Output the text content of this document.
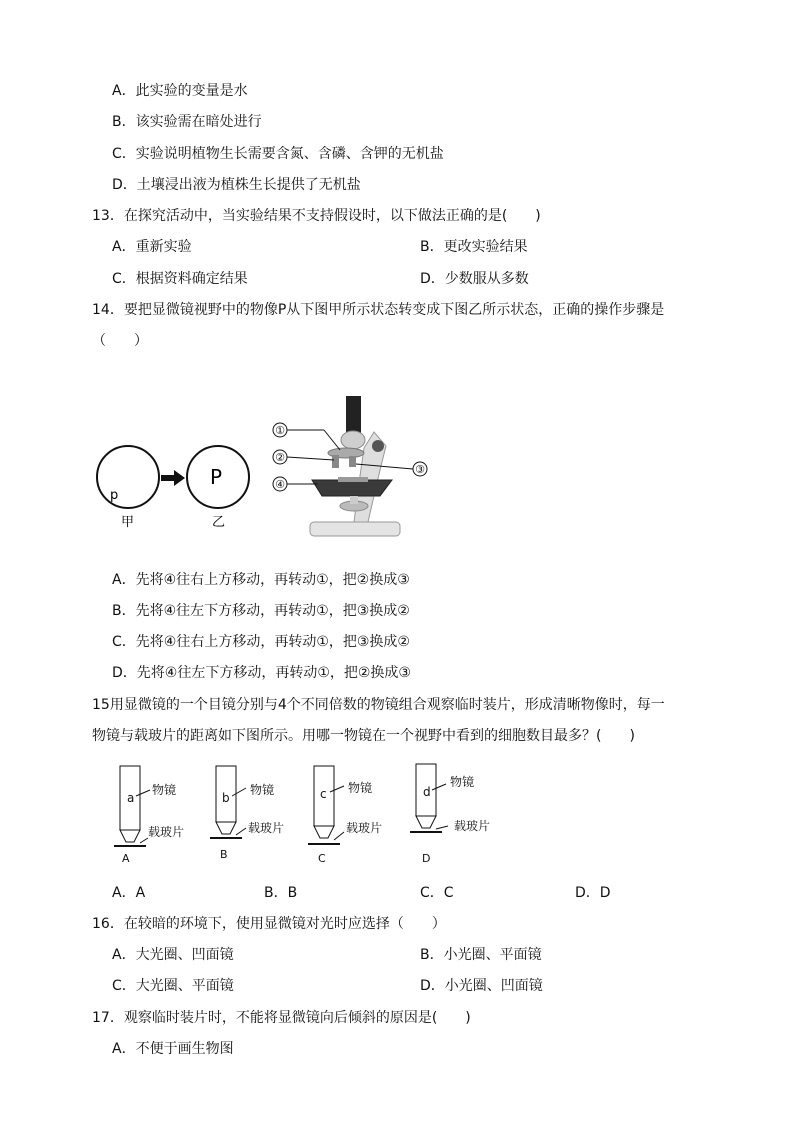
A．此实验的变量是水
B．该实验需在暗处进行
C．实验说明植物生长需要含氮、含磷、含钾的无机盐
D．土壤浸出液为植株生长提供了无机盐
13．在探究活动中，当实验结果不支持假设时，以下做法正确的是(　　)
A．重新实验	B．更改实验结果
C．根据资料确定结果	D．少数服从多数
14．要把显微镜视野中的物像P从下图甲所示状态转变成下图乙所示状态，正确的操作步骤是
（　　）
p
甲
P
乙
①
②
③
④
A．先将④往右上方移动，再转动①，把②换成③
B．先将④往左下方移动，再转动①，把③换成②
C．先将④往右上方移动，再转动①，把③换成②
D．先将④往左下方移动，再转动①，把②换成③
15用显微镜的一个目镜分别与4个不同倍数的物镜组合观察临时装片，形成清晰物像时，每一
物镜与载玻片的距离如下图所示。用哪一物镜在一个视野中看到的细胞数目最多？(　　)
a
物镜
载玻片
A
b
物镜
载玻片
B
c 物镜
载玻片
C
d
物镜
载玻片
D
A．A	B．B	C．C	D．D
16．在较暗的环境下，使用显微镜对光时应选择（　　）
A．大光圈、凹面镜	B．小光圈、平面镜
C．大光圈、平面镜	D．小光圈、凹面镜
17．观察临时装片时，不能将显微镜向后倾斜的原因是(　　)
A．不便于画生物图
